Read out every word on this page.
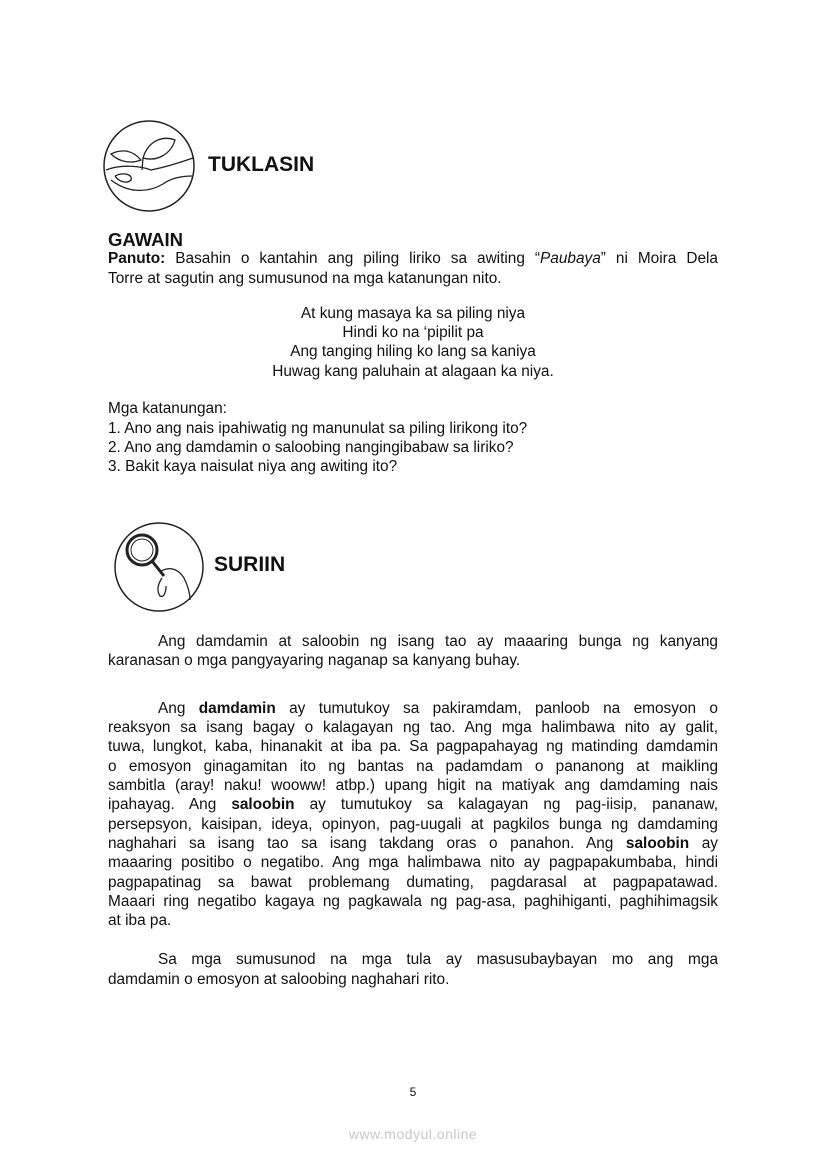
TUKLASIN
GAWAIN
Panuto: Basahin o kantahin ang piling liriko sa awiting “Paubaya” ni Moira Dela
Torre at sagutin ang sumusunod na mga katanungan nito.
At kung masaya ka sa piling niya
Hindi ko na ‘pipilit pa
Ang tanging hiling ko lang sa kaniya
Huwag kang paluhain at alagaan ka niya.
Mga katanungan:
1. Ano ang nais ipahiwatig ng manunulat sa piling lirikong ito?
2. Ano ang damdamin o saloobing nangingibabaw sa liriko?
3. Bakit kaya naisulat niya ang awiting ito?
SURIIN
Ang damdamin at saloobin ng isang tao ay maaaring bunga ng kanyang
karanasan o mga pangyayaring naganap sa kanyang buhay.
Ang damdamin ay tumutukoy sa pakiramdam, panloob na emosyon o
reaksyon sa isang bagay o kalagayan ng tao. Ang mga halimbawa nito ay galit,
tuwa, lungkot, kaba, hinanakit at iba pa. Sa pagpapahayag ng matinding damdamin
o emosyon ginagamitan ito ng bantas na padamdam o pananong at maikling
sambitla (aray! naku! wooww! atbp.) upang higit na matiyak ang damdaming nais
ipahayag. Ang saloobin ay tumutukoy sa kalagayan ng pag-iisip, pananaw,
persepsyon, kaisipan, ideya, opinyon, pag-uugali at pagkilos bunga ng damdaming
naghahari sa isang tao sa isang takdang oras o panahon. Ang saloobin ay
maaaring positibo o negatibo. Ang mga halimbawa nito ay pagpapakumbaba, hindi
pagpapatinag sa bawat problemang dumating, pagdarasal at pagpapatawad.
Maaari ring negatibo kagaya ng pagkawala ng pag-asa, paghihiganti, paghihimagsik
at iba pa.
Sa mga sumusunod na mga tula ay masusubaybayan mo ang mga
damdamin o emosyon at saloobing naghahari rito.
5
www.modyul.online
